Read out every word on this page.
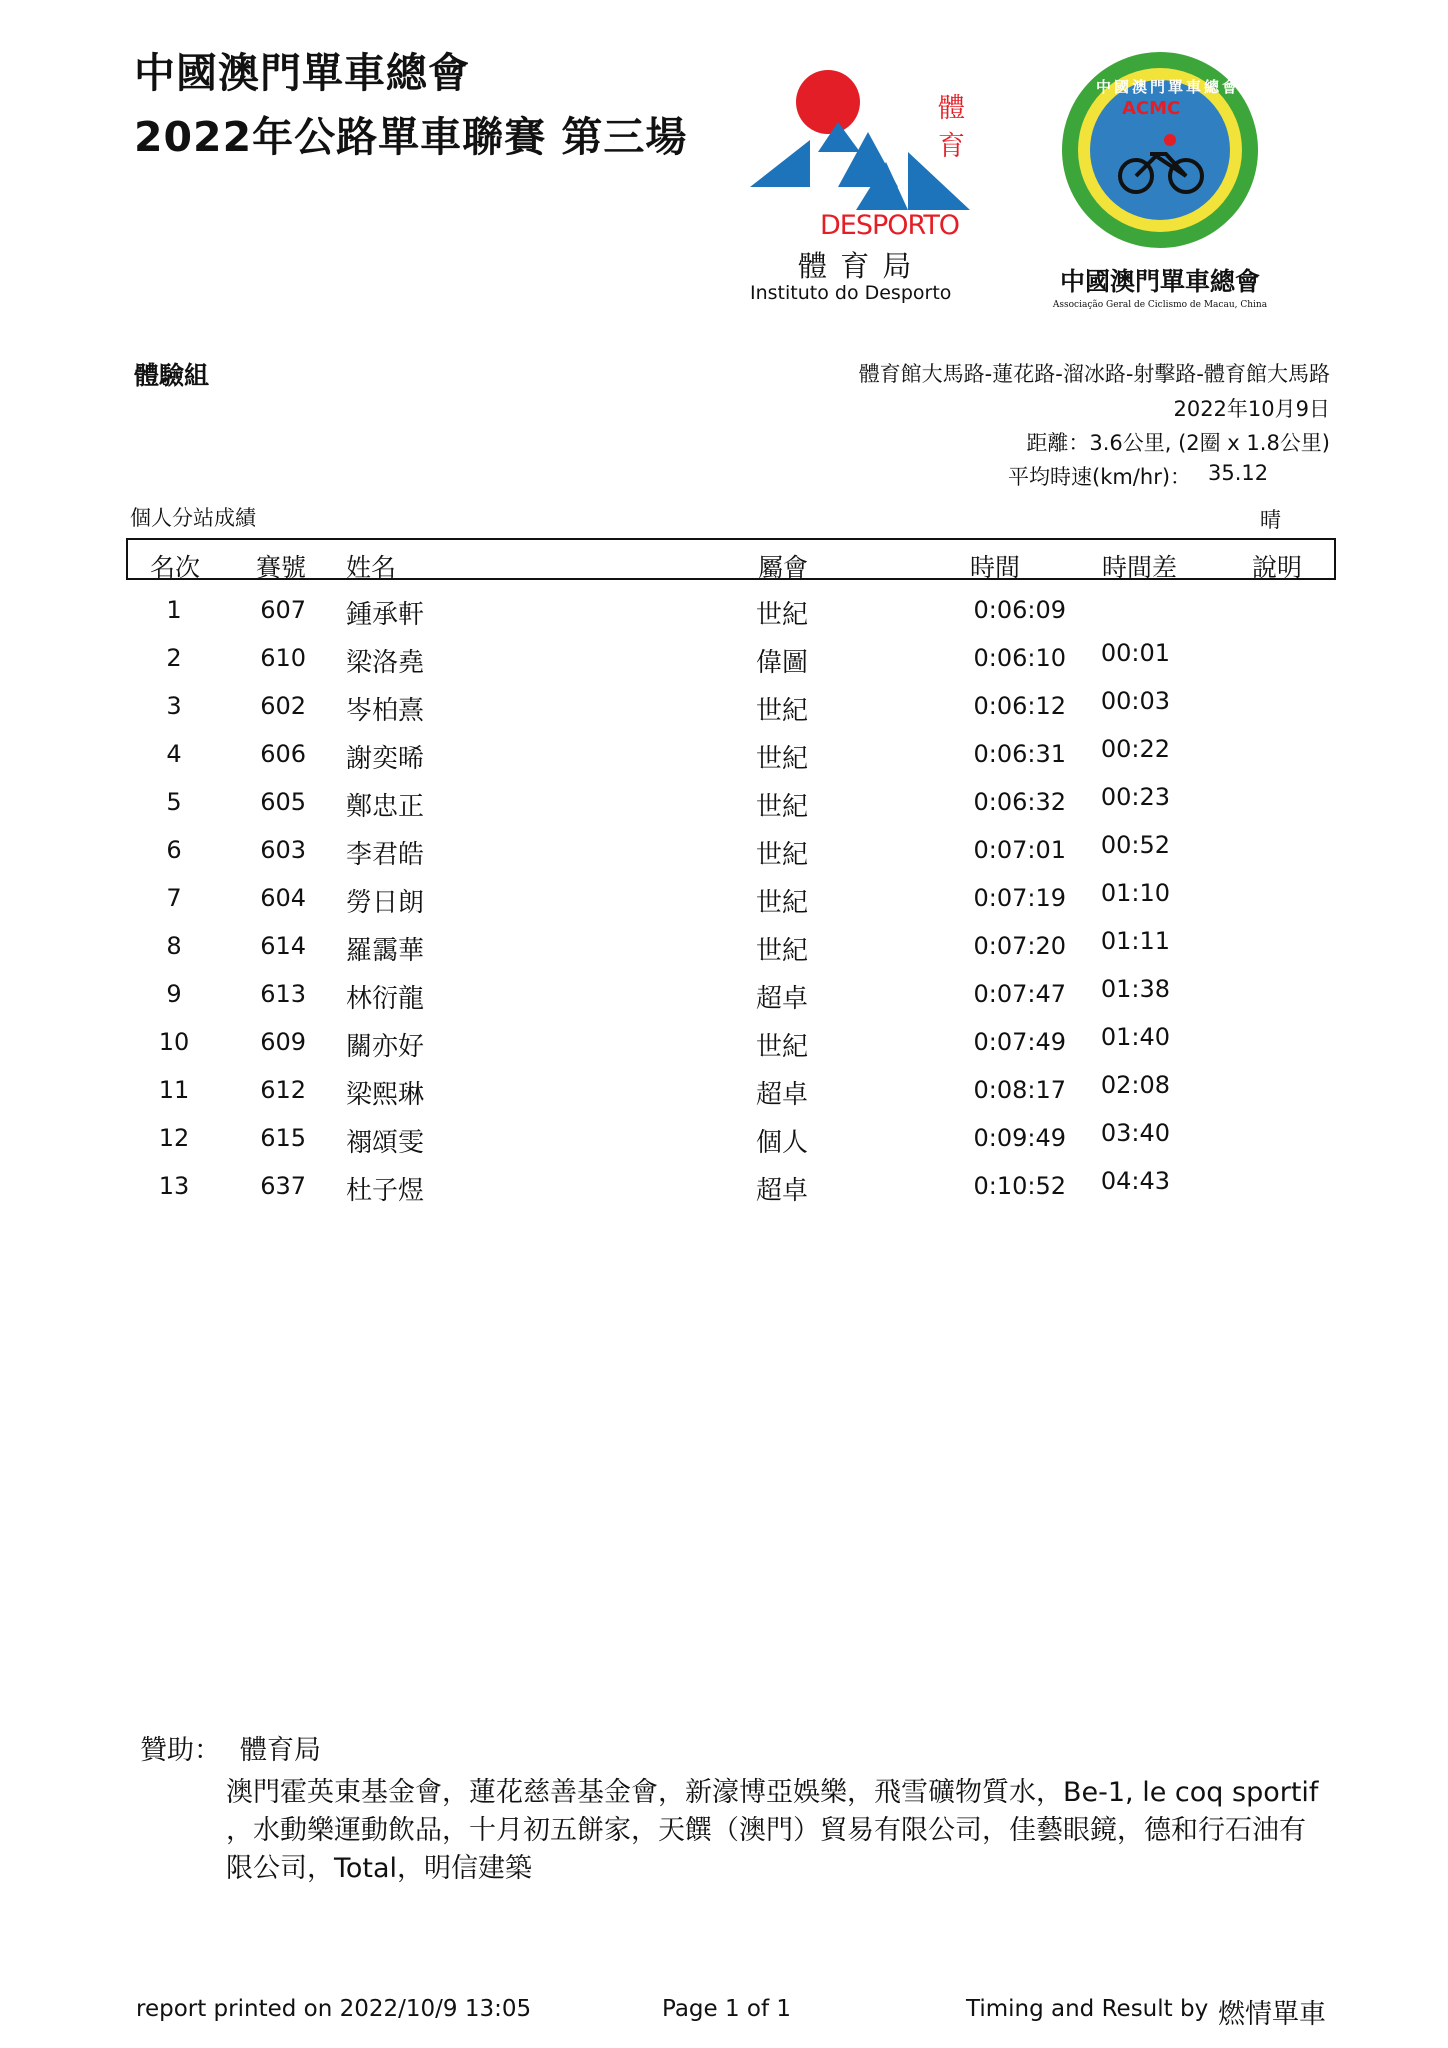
中國澳門單車總會
2022年公路單車聯賽 第三場
體
育
DESPORTO
體 育 局
Instituto do Desporto
ACMC
中國澳門單車總會
Associação Geral de Ciclismo de Macau, China
中國澳門單車總會
體驗組	體育館大馬路-蓮花路-溜冰路-射擊路-體育館大馬路
2022年10月9日
距離：3.6公里, (2圈 x 1.8公里)
平均時速(km/hr)： 35.12
個人分站成績	晴
名次 賽號 姓名	屬會	時間	時間差	說明
1	607 鍾承軒	世紀	0:06:09
2	610 梁洛堯	偉圖	0:06:10 00:01
3	602 岑柏熹	世紀	0:06:12 00:03
4	606 謝奕晞	世紀	0:06:31 00:22
5	605 鄭忠正	世紀	0:06:32 00:23
6	603 李君皓	世紀	0:07:01 00:52
7	604 勞日朗	世紀	0:07:19 01:10
8	614 羅靄華	世紀	0:07:20 01:11
9	613 林衍龍	超卓	0:07:47 01:38
10	609 關亦好	世紀	0:07:49 01:40
11	612 梁熙琳	超卓	0:08:17 02:08
12	615 禤頌雯	個人	0:09:49 03:40
13	637 杜子煜	超卓	0:10:52 04:43
贊助： 體育局
澳門霍英東基金會，蓮花慈善基金會，新濠博亞娛樂，飛雪礦物質水，Be-1, le coq sportif
，水動樂運動飲品，十月初五餅家，天饌（澳門）貿易有限公司，佳藝眼鏡，德和行石油有
限公司，Total，明信建築
report printed on 2022/10/9 13:05	Page 1 of 1	Timing and Result by 燃情單車
